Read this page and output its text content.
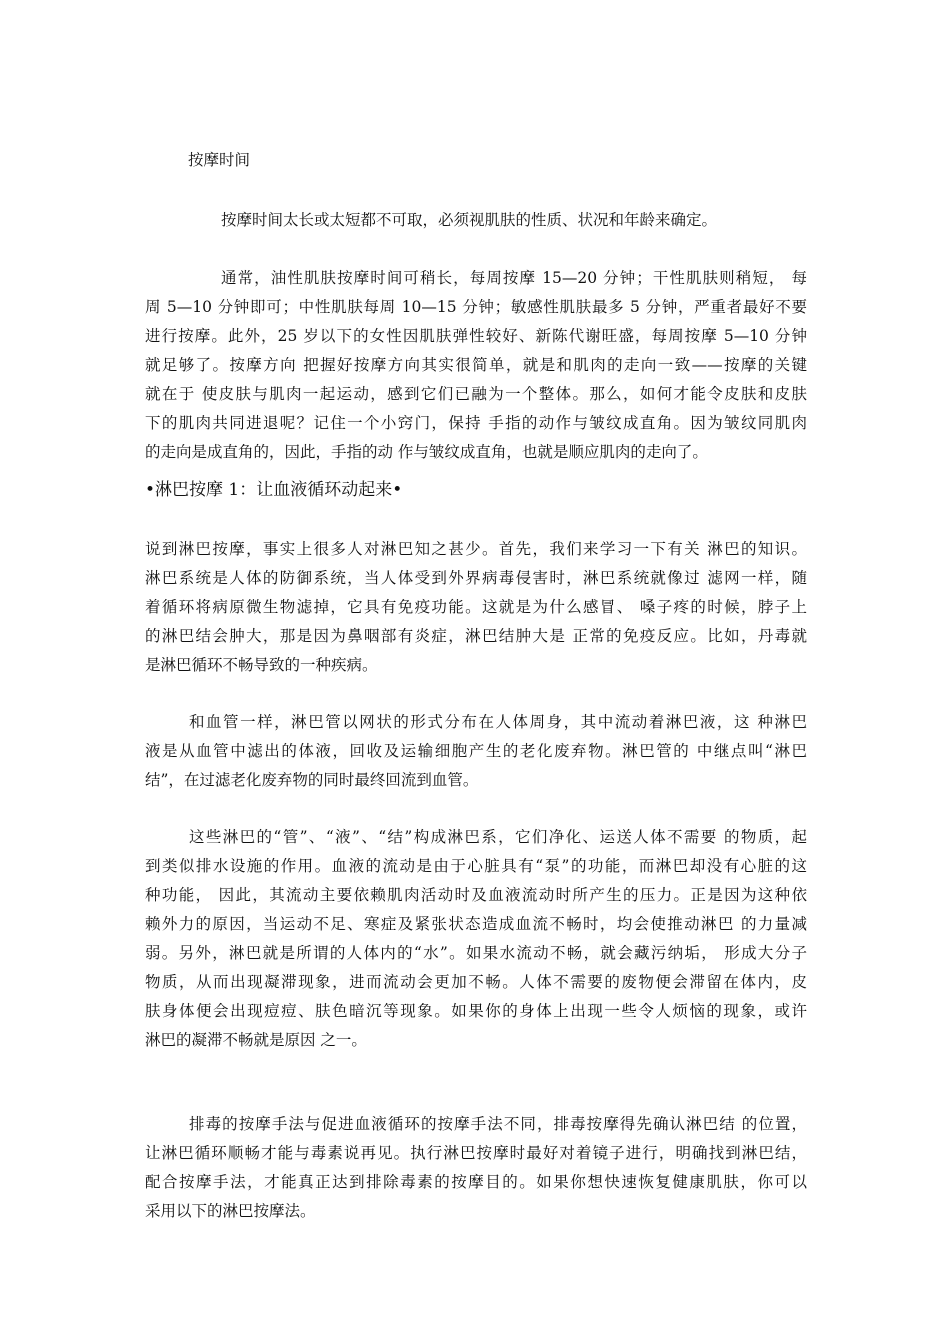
按摩时间
按摩时间太长或太短都不可取，必须视肌肤的性质、状况和年龄来确定。
通常，油性肌肤按摩时间可稍长，每周按摩 15—20 分钟；干性肌肤则稍短， 每
周 5—10 分钟即可；中性肌肤每周 10—15 分钟；敏感性肌肤最多 5 分钟，严重者最好不要
进行按摩。此外，25 岁以下的女性因肌肤弹性较好、新陈代谢旺盛，每周按摩 5—10 分钟
就足够了。按摩方向 把握好按摩方向其实很简单，就是和肌肉的走向一致——按摩的关键
就在于 使皮肤与肌肉一起运动，感到它们已融为一个整体。那么，如何才能令皮肤和皮肤
下的肌肉共同进退呢？记住一个小窍门，保持 手指的动作与皱纹成直角。因为皱纹同肌肉
的走向是成直角的，因此，手指的动 作与皱纹成直角，也就是顺应肌肉的走向了。
•淋巴按摩 1：让血液循环动起来•
说到淋巴按摩，事实上很多人对淋巴知之甚少。首先，我们来学习一下有关 淋巴的知识。
淋巴系统是人体的防御系统，当人体受到外界病毒侵害时，淋巴系统就像过 滤网一样，随
着循环将病原微生物滤掉，它具有免疫功能。这就是为什么感冒、 嗓子疼的时候，脖子上
的淋巴结会肿大，那是因为鼻咽部有炎症，淋巴结肿大是 正常的免疫反应。比如，丹毒就
是淋巴循环不畅导致的一种疾病。
和血管一样，淋巴管以网状的形式分布在人体周身，其中流动着淋巴液，这 种淋巴
液是从血管中滤出的体液，回收及运输细胞产生的老化废弃物。淋巴管的 中继点叫“淋巴
结”，在过滤老化废弃物的同时最终回流到血管。
这些淋巴的“管”、“液”、“结”构成淋巴系，它们净化、运送人体不需要 的物质，起
到类似排水设施的作用。血液的流动是由于心脏具有“泵”的功能，而淋巴却没有心脏的这
种功能， 因此，其流动主要依赖肌肉活动时及血液流动时所产生的压力。正是因为这种依
赖外力的原因，当运动不足、寒症及紧张状态造成血流不畅时，均会使推动淋巴 的力量减
弱。另外，淋巴就是所谓的人体内的“水”。如果水流动不畅，就会藏污纳垢， 形成大分子
物质，从而出现凝滞现象，进而流动会更加不畅。人体不需要的废物便会滞留在体内，皮
肤身体便会出现痘痘、肤色暗沉等现象。如果你的身体上出现一些令人烦恼的现象，或许
淋巴的凝滞不畅就是原因 之一。
排毒的按摩手法与促进血液循环的按摩手法不同，排毒按摩得先确认淋巴结 的位置，
让淋巴循环顺畅才能与毒素说再见。执行淋巴按摩时最好对着镜子进行，明确找到淋巴结，
配合按摩手法，才能真正达到排除毒素的按摩目的。如果你想快速恢复健康肌肤，你可以
采用以下的淋巴按摩法。
